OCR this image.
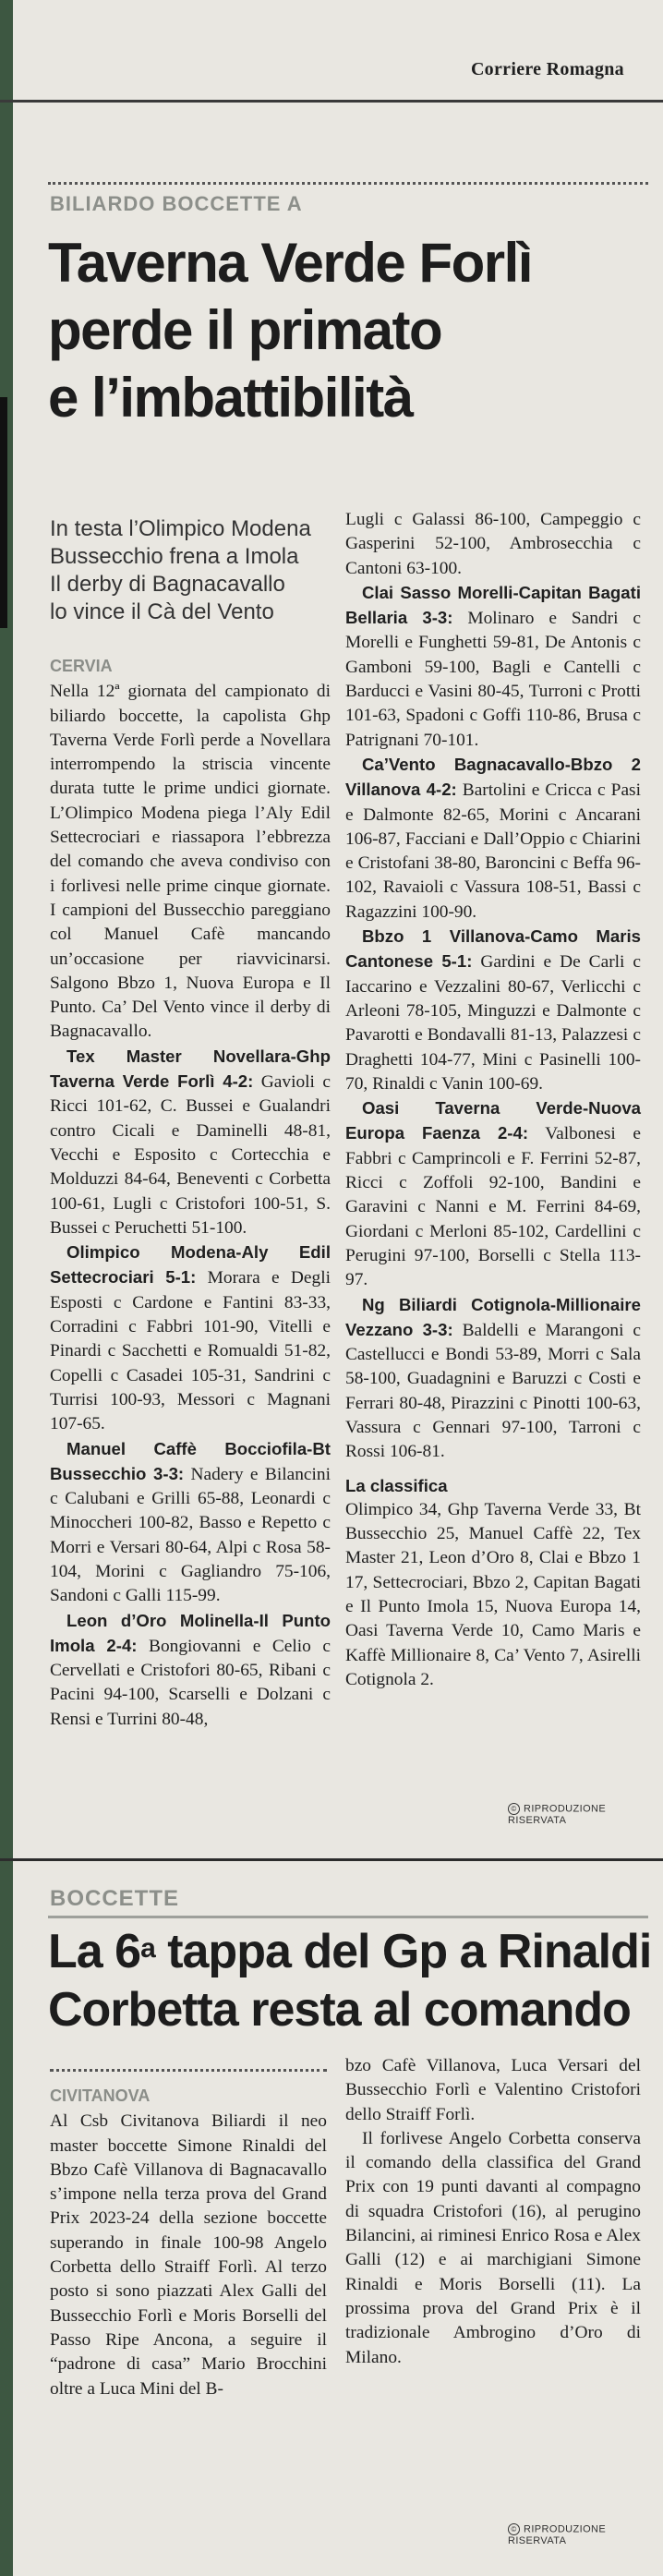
Corriere Romagna
BILIARDO BOCCETTE A
Taverna Verde Forlì
perde il primato
e l’imbattibilità
In testa l’Olimpico Modena
Bussecchio frena a Imola
Il derby di Bagnacavallo
lo vince il Cà del Vento
CERVIA

Nella 12ª giornata del campionato di biliardo boccette, la capolista Ghp Taverna Verde Forlì perde a Novellara interrompendo la striscia vincente durata tutte le prime undici giornate. L’Olimpico Modena piega l’Aly Edil Settecrociari e riassapora l’ebbrezza del comando che aveva condiviso con i forlivesi nelle prime cinque giornate. I campioni del Bussecchio pareggiano col Manuel Cafè mancando un’occasione per riavvicinarsi. Salgono Bbzo 1, Nuova Europa e Il Punto. Ca’ Del Vento vince il derby di Bagnacavallo.

Tex Master Novellara-Ghp Taverna Verde Forlì 4-2: Gavioli c Ricci 101-62, C. Bussei e Gualandri contro Cicali e Daminelli 48-81, Vecchi e Esposito c Cortecchia e Molduzzi 84-64, Beneventi c Corbetta 100-61, Lugli c Cristofori 100-51, S. Bussei c Peruchetti 51-100.

Olimpico Modena-Aly Edil Settecrociari 5-1: Morara e Degli Esposti c Cardone e Fantini 83-33, Corradini c Fabbri 101-90, Vitelli e Pinardi c Sacchetti e Romualdi 51-82, Copelli c Casadei 105-31, Sandrini c Turrisi 100-93, Messori c Magnani 107-65.

Manuel Caffè Bocciofila-Bt Bussecchio 3-3: Nadery e Bilancini c Calubani e Grilli 65-88, Leonardi c Minoccheri 100-82, Basso e Repetto c Morri e Versari 80-64, Alpi c Rosa 58-104, Morini c Gagliandro 75-106, Sandoni c Galli 115-99.

Leon d’Oro Molinella-Il Punto Imola 2-4: Bongiovanni e Celio c Cervellati e Cristofori 80-65, Ribani c Pacini 94-100, Scarselli e Dolzani c Rensi e Turrini 80-48,

Lugli c Galassi 86-100, Campeggio c Gasperini 52-100, Ambrosecchia c Cantoni 63-100.

Clai Sasso Morelli-Capitan Bagati Bellaria 3-3: Molinaro e Sandri c Morelli e Funghetti 59-81, De Antonis c Gamboni 59-100, Bagli e Cantelli c Barducci e Vasini 80-45, Turroni c Protti 101-63, Spadoni c Goffi 110-86, Brusa c Patrignani 70-101.

Ca’Vento Bagnacavallo-Bbzo 2 Villanova 4-2: Bartolini e Cricca c Pasi e Dalmonte 82-65, Morini c Ancarani 106-87, Facciani e Dall’Oppio c Chiarini e Cristofani 38-80, Baroncini c Beffa 96-102, Ravaioli c Vassura 108-51, Bassi c Ragazzini 100-90.

Bbzo 1 Villanova-Camo Maris Cantonese 5-1: Gardini e De Carli c Iaccarino e Vezzalini 80-67, Verlicchi c Arleoni 78-105, Minguzzi e Dalmonte c Pavarotti e Bondavalli 81-13, Palazzesi c Draghetti 104-77, Mini c Pasinelli 100-70, Rinaldi c Vanin 100-69.

Oasi Taverna Verde-Nuova Europa Faenza 2-4: Valbonesi e Fabbri c Camprincoli e F. Ferrini 52-87, Ricci c Zoffoli 92-100, Bandini e Garavini c Nanni e M. Ferrini 84-69, Giordani c Merloni 85-102, Cardellini c Perugini 97-100, Borselli c Stella 113-97.

Ng Biliardi Cotignola-Millionaire Vezzano 3-3: Baldelli e Marangoni c Castellucci e Bondi 53-89, Morri c Sala 58-100, Guadagnini e Baruzzi c Costi e Ferrari 80-48, Pirazzini c Pinotti 100-63, Vassura c Gennari 97-100, Tarroni c Rossi 106-81.

La classifica

Olimpico 34, Ghp Taverna Verde 33, Bt Bussecchio 25, Manuel Caffè 22, Tex Master 21, Leon d’Oro 8, Clai e Bbzo 1 17, Settecrociari, Bbzo 2, Capitan Bagati e Il Punto Imola 15, Nuova Europa 14, Oasi Taverna Verde 10, Camo Maris e Kaffè Millionaire 8, Ca’ Vento 7, Asirelli Cotignola 2.

© RIPRODUZIONE RISERVATA
BOCCETTE
La 6$^a$ tappa del Gp a Rinaldi
Corbetta resta al comando
CIVITANOVA

Al Csb Civitanova Biliardi il neo master boccette Simone Rinaldi del Bbzo Cafè Villanova di Bagnacavallo s’impone nella terza prova del Grand Prix 2023-24 della sezione boccette superando in finale 100-98 Angelo Corbetta dello Straiff Forlì. Al terzo posto si sono piazzati Alex Galli del Bussecchio Forlì e Moris Borselli del Passo Ripe Ancona, a seguire il “padrone di casa” Mario Brocchini oltre a Luca Mini del B-

bzo Cafè Villanova, Luca Versari del Bussecchio Forlì e Valentino Cristofori dello Straiff Forlì.

Il forlivese Angelo Corbetta conserva il comando della classifica del Grand Prix con 19 punti davanti al compagno di squadra Cristofori (16), al perugino Bilancini, ai riminesi Enrico Rosa e Alex Galli (12) e ai marchigiani Simone Rinaldi e Moris Borselli (11). La prossima prova del Grand Prix è il tradizionale Ambrogino d’Oro di Milano.

© RIPRODUZIONE RISERVATA
